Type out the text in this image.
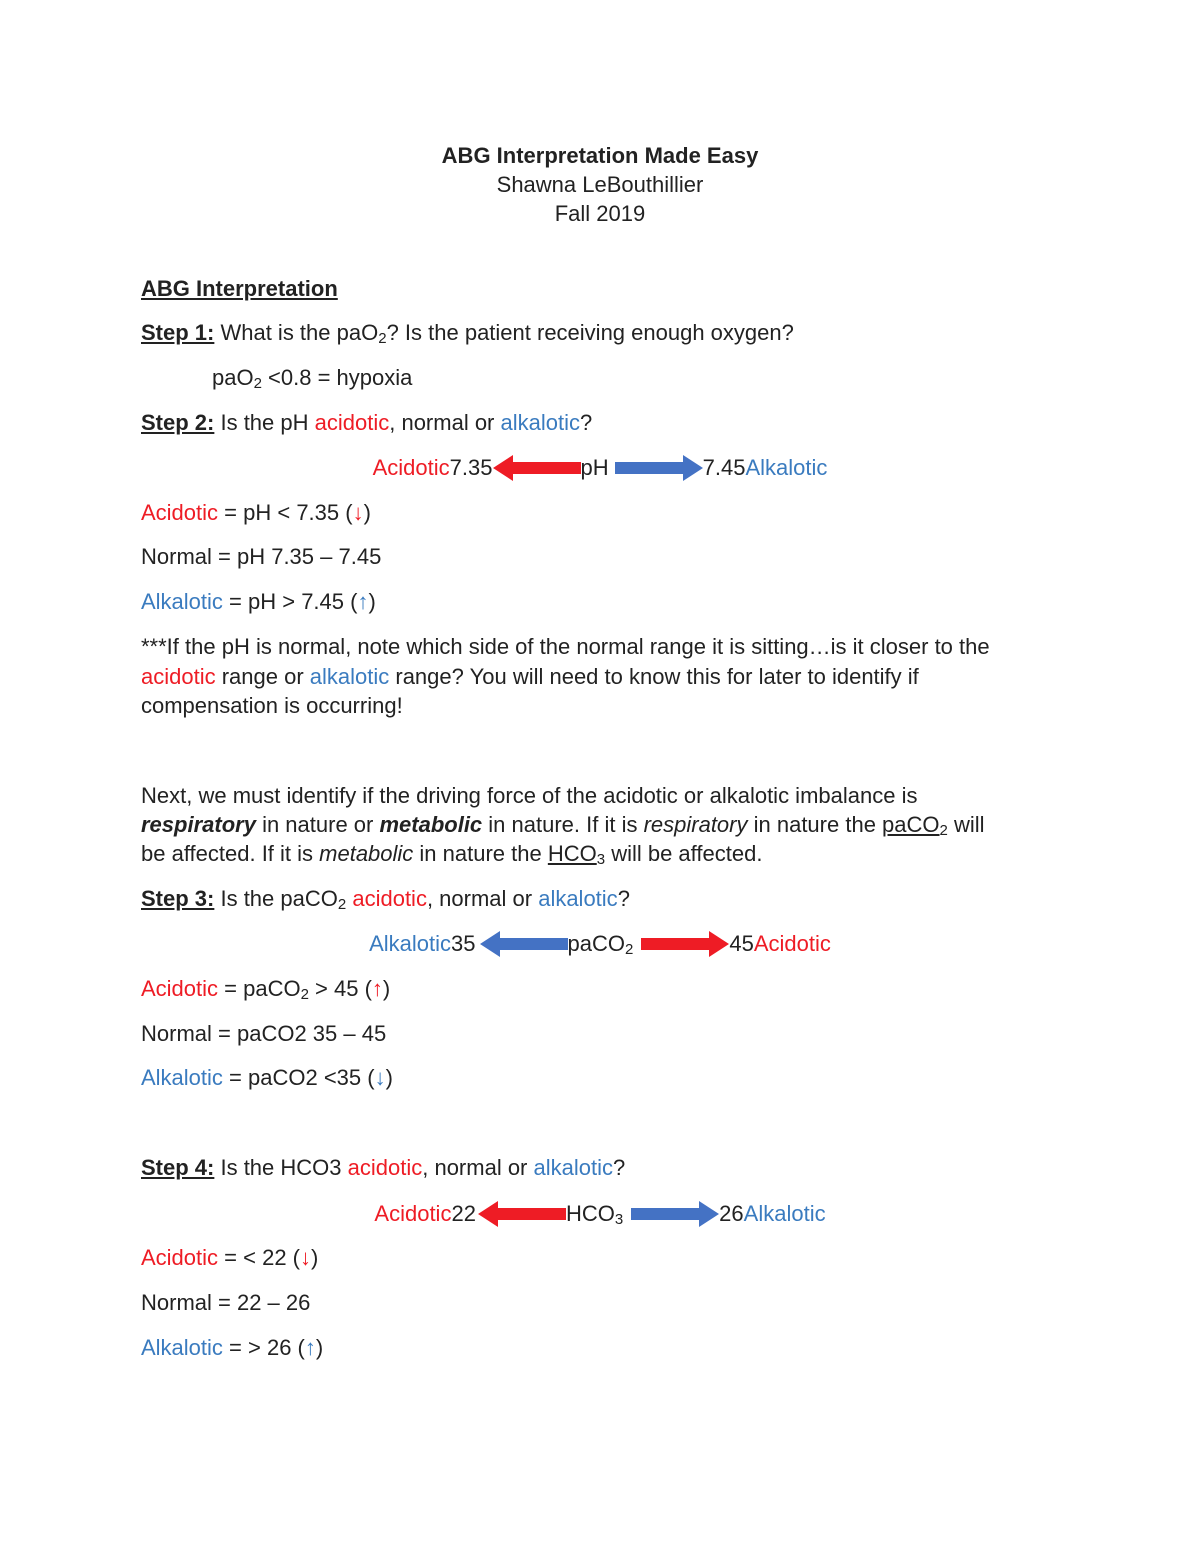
ABG Interpretation Made Easy
Shawna LeBouthillier
Fall 2019
ABG Interpretation
Step 1: What is the paO$_2$? Is the patient receiving enough oxygen?
paO$_2$ <0.8 = hypoxia
Step 2: Is the pH acidotic, normal or alkalotic?
Acidotic 7.35	pH	7.45 Alkalotic
Acidotic = pH < 7.35 (↓)
Normal = pH 7.35 – 7.45
Alkalotic = pH > 7.45 (↑)
***If the pH is normal, note which side of the normal range it is sitting…is it closer to the
acidotic range or alkalotic range? You will need to know this for later to identify if
compensation is occurring!
Next, we must identify if the driving force of the acidotic or alkalotic imbalance is
respiratory in nature or metabolic in nature. If it is respiratory in nature the paCO$_2$ will
be affected. If it is metabolic in nature the $HCO_3$ will be affected.
Step 3: Is the paCO$_2$ acidotic, normal or alkalotic?
Alkalotic 35	paCO$_2$	45 Acidotic
Acidotic = paCO$_2$ > 45 (↑)
Normal = paCO2 35 – 45
Alkalotic = paCO2 <35 (↓)
Step 4: Is the HCO3 acidotic, normal or alkalotic?
Acidotic 22	$HCO_3$	26 Alkalotic
Acidotic = < 22 (↓)
Normal = 22 – 26
Alkalotic = > 26 (↑)
